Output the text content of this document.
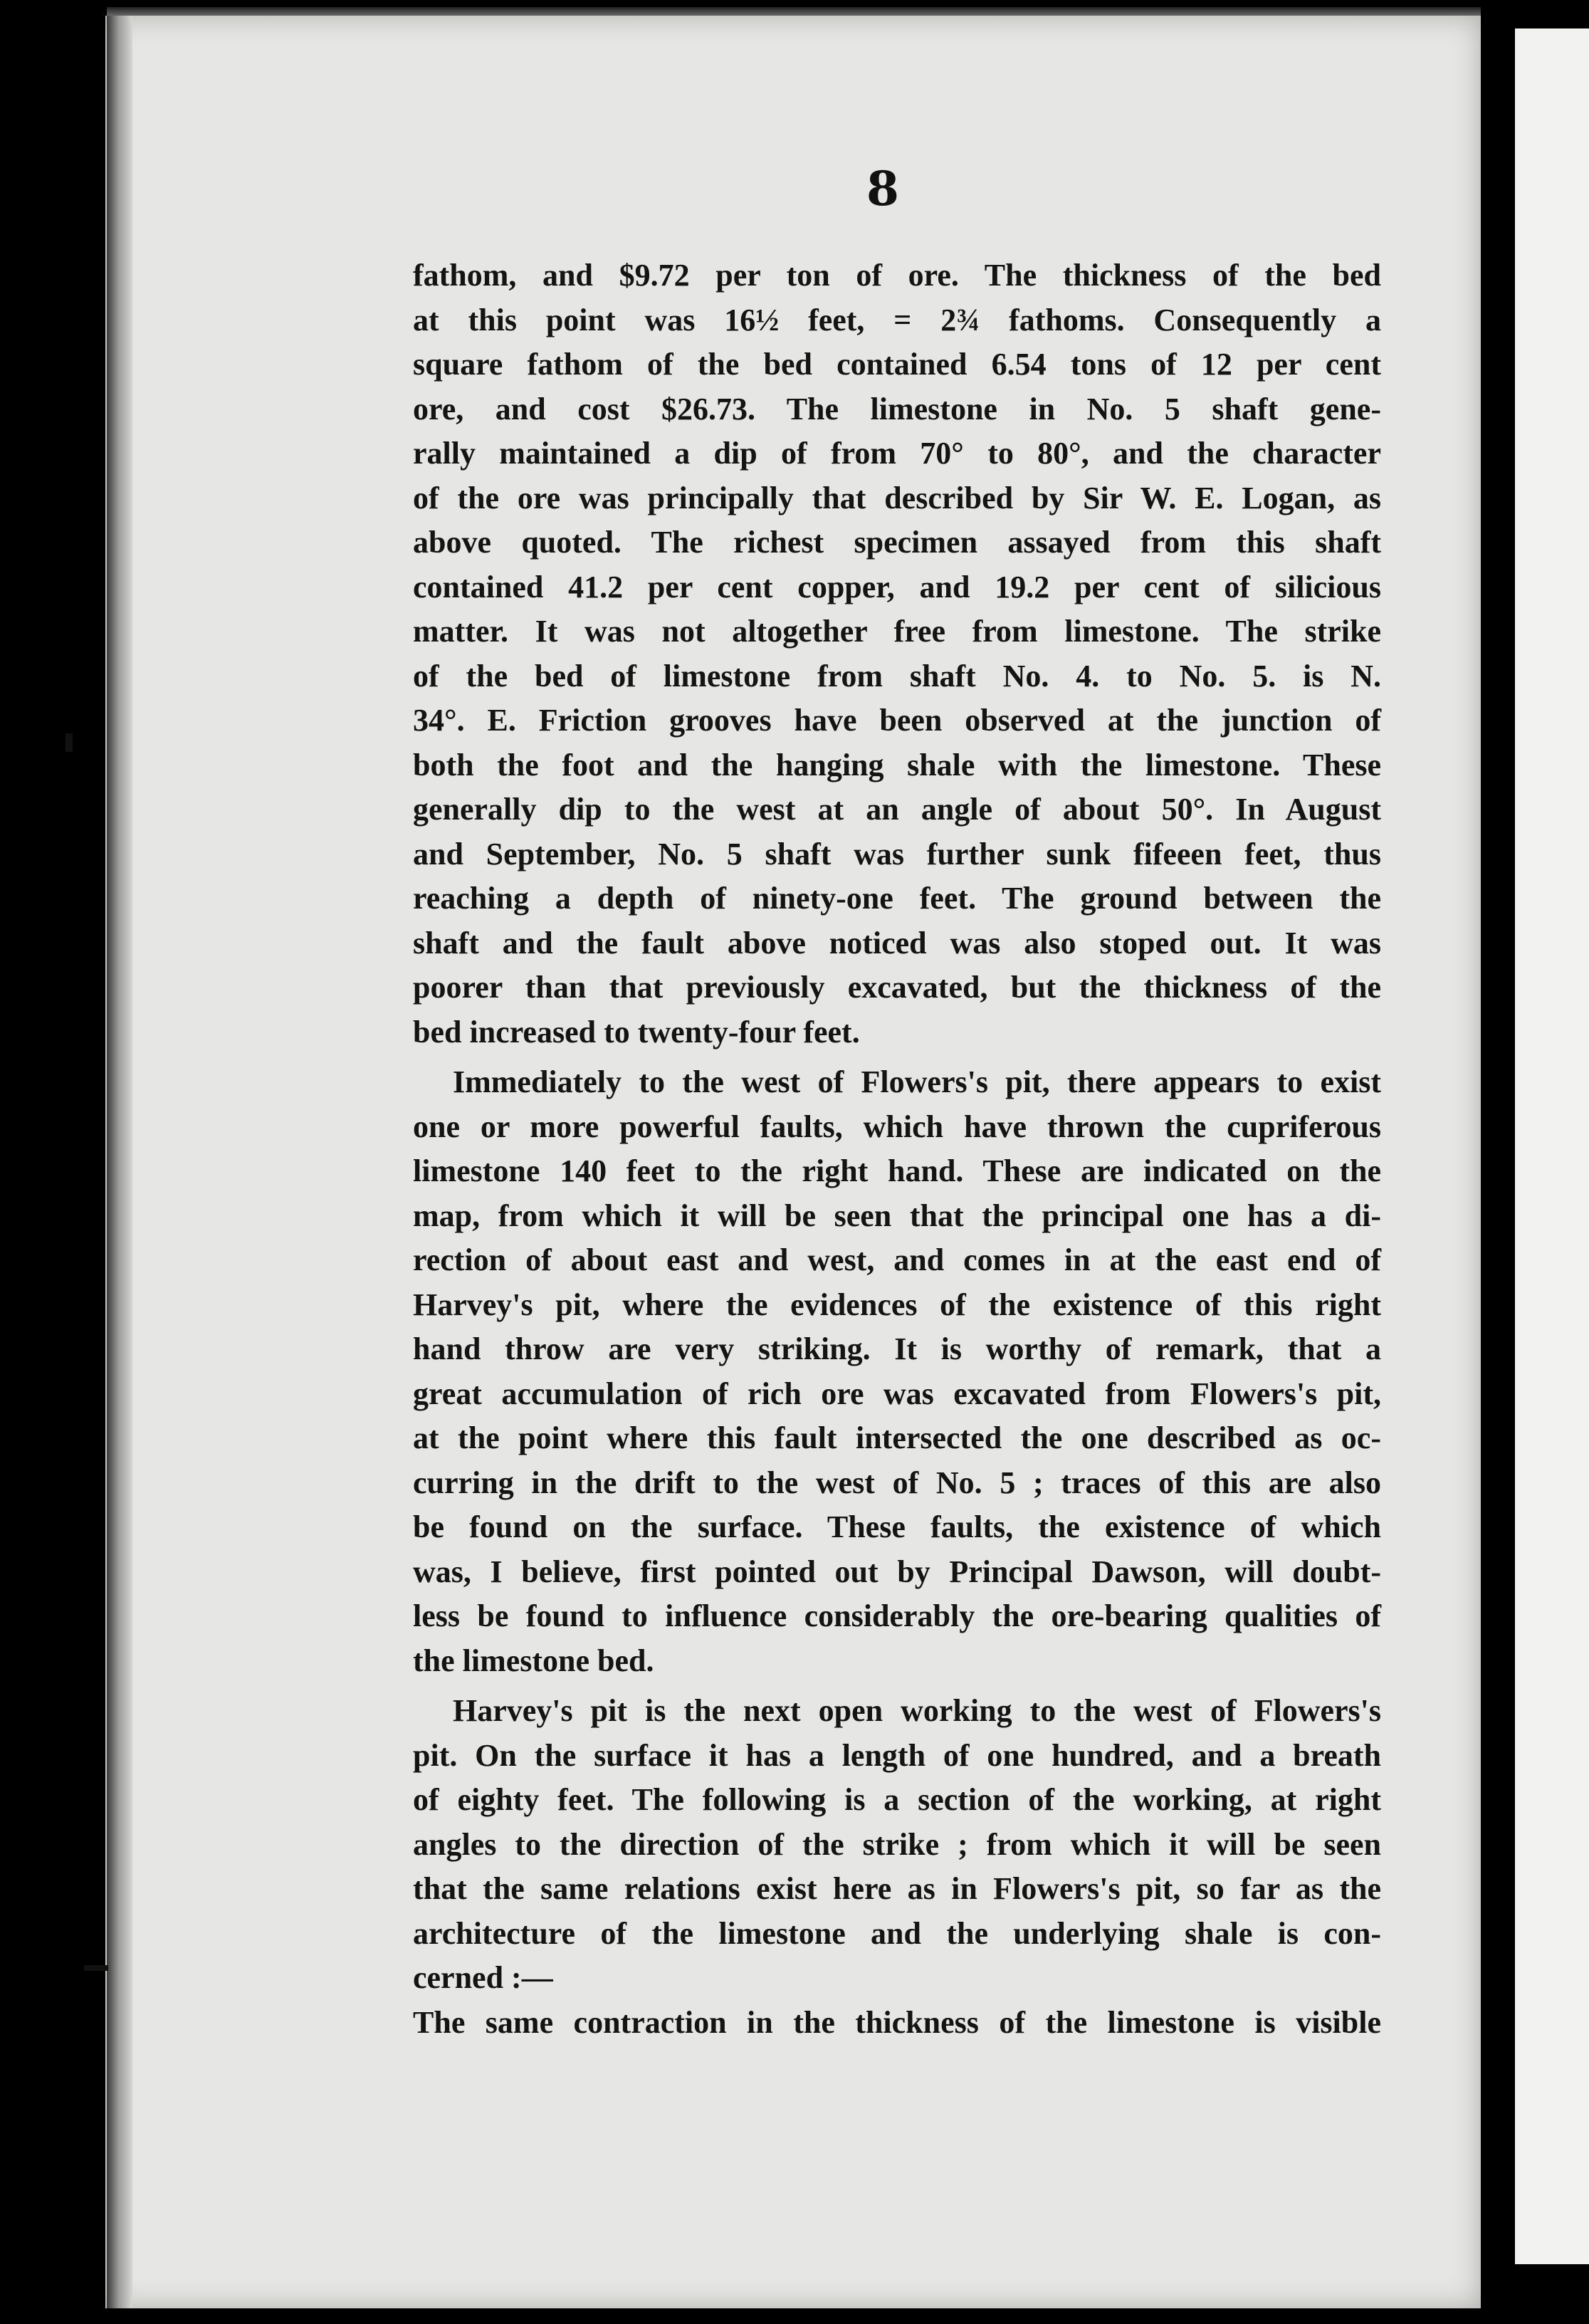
8
fathom, and $9.72 per ton of ore. The thickness of the bed
at this point was 16½ feet, = 2¾ fathoms. Consequently a
square fathom of the bed contained 6.54 tons of 12 per cent
ore, and cost $26.73. The limestone in No. 5 shaft gene-
rally maintained a dip of from 70° to 80°, and the character
of the ore was principally that described by Sir W. E. Logan, as
above quoted. The richest specimen assayed from this shaft
contained 41.2 per cent copper, and 19.2 per cent of silicious
matter. It was not altogether free from limestone. The strike
of the bed of limestone from shaft No. 4. to No. 5. is N.
34°. E. Friction grooves have been observed at the junction of
both the foot and the hanging shale with the limestone. These
generally dip to the west at an angle of about 50°. In August
and September, No. 5 shaft was further sunk fifeeen feet, thus
reaching a depth of ninety-one feet. The ground between the
shaft and the fault above noticed was also stoped out. It was
poorer than that previously excavated, but the thickness of the
bed increased to twenty-four feet.
Immediately to the west of Flowers's pit, there appears to exist
one or more powerful faults, which have thrown the cupriferous
limestone 140 feet to the right hand. These are indicated on the
map, from which it will be seen that the principal one has a di-
rection of about east and west, and comes in at the east end of
Harvey's pit, where the evidences of the existence of this right
hand throw are very striking. It is worthy of remark, that a
great accumulation of rich ore was excavated from Flowers's pit,
at the point where this fault intersected the one described as oc-
curring in the drift to the west of No. 5 ; traces of this are also
be found on the surface. These faults, the existence of which
was, I believe, first pointed out by Principal Dawson, will doubt-
less be found to influence considerably the ore-bearing qualities of
the limestone bed.
Harvey's pit is the next open working to the west of Flowers's
pit. On the surface it has a length of one hundred, and a breath
of eighty feet. The following is a section of the working, at right
angles to the direction of the strike ; from which it will be seen
that the same relations exist here as in Flowers's pit, so far as the
architecture of the limestone and the underlying shale is con-
cerned :—
The same contraction in the thickness of the limestone is visible
